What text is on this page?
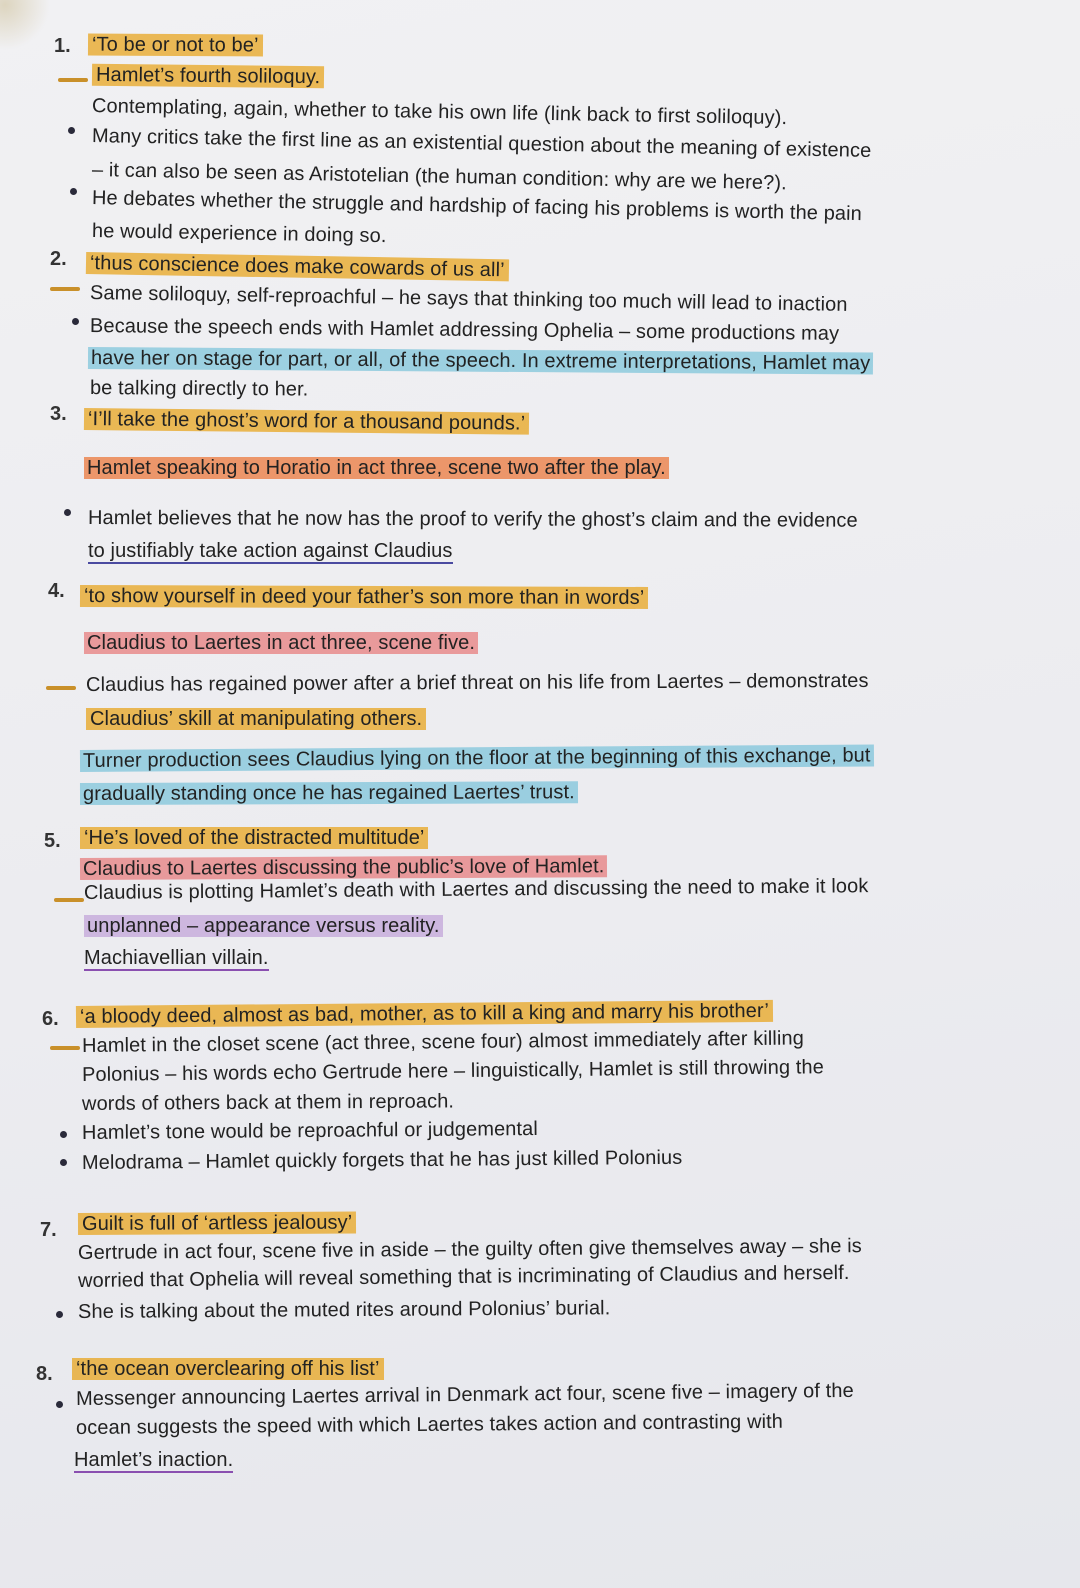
1. ‘To be or not to be’
Hamlet’s fourth soliloquy.
Contemplating, again, whether to take his own life (link back to first soliloquy).
Many critics take the first line as an existential question about the meaning of existence
– it can also be seen as Aristotelian (the human condition: why are we here?).
He debates whether the struggle and hardship of facing his problems is worth the pain
he would experience in doing so.
2. ‘thus conscience does make cowards of us all’
Same soliloquy, self-reproachful – he says that thinking too much will lead to inaction
Because the speech ends with Hamlet addressing Ophelia – some productions may
have her on stage for part, or all, of the speech. In extreme interpretations, Hamlet may
be talking directly to her.
3. ‘I’ll take the ghost’s word for a thousand pounds.’
Hamlet speaking to Horatio in act three, scene two after the play.
Hamlet believes that he now has the proof to verify the ghost’s claim and the evidence
to justifiably take action against Claudius
4. ‘to show yourself in deed your father’s son more than in words’
Claudius to Laertes in act three, scene five.
Claudius has regained power after a brief threat on his life from Laertes – demonstrates
Claudius’ skill at manipulating others.
Turner production sees Claudius lying on the floor at the beginning of this exchange, but
gradually standing once he has regained Laertes’ trust.
5. ‘He’s loved of the distracted multitude’
Claudius to Laertes discussing the public’s love of Hamlet.
Claudius is plotting Hamlet’s death with Laertes and discussing the need to make it look
unplanned – appearance versus reality.
Machiavellian villain.
6. ‘a bloody deed, almost as bad, mother, as to kill a king and marry his brother’
Hamlet in the closet scene (act three, scene four) almost immediately after killing
Polonius – his words echo Gertrude here – linguistically, Hamlet is still throwing the
words of others back at them in reproach.
Hamlet’s tone would be reproachful or judgemental
Melodrama – Hamlet quickly forgets that he has just killed Polonius
7. Guilt is full of ‘artless jealousy’
Gertrude in act four, scene five in aside – the guilty often give themselves away – she is
worried that Ophelia will reveal something that is incriminating of Claudius and herself.
She is talking about the muted rites around Polonius’ burial.
8. ‘the ocean overclearing off his list’
Messenger announcing Laertes arrival in Denmark act four, scene five – imagery of the
ocean suggests the speed with which Laertes takes action and contrasting with
Hamlet’s inaction.
